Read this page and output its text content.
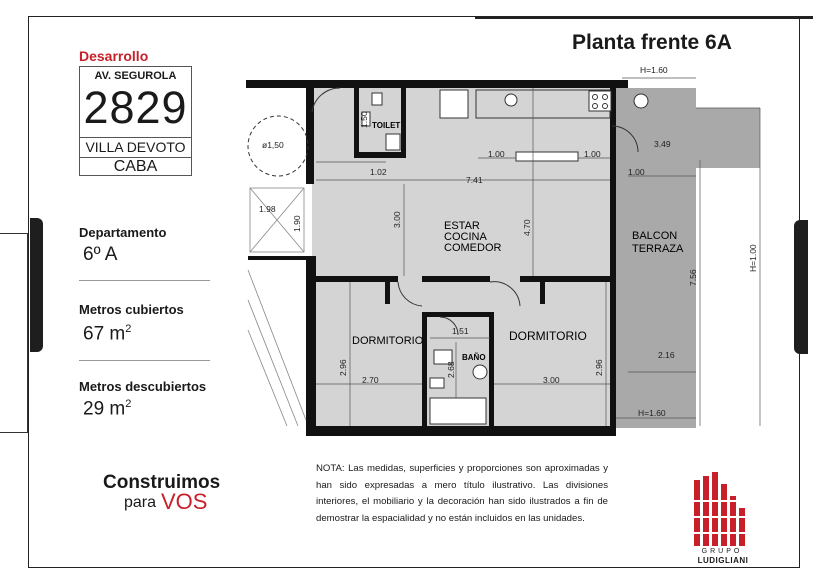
Desarrollo
AV. SEGUROLA
2829
VILLA DEVOTO
CABA
Departamento
6º A
Metros cubiertos
67 $m^2$
Metros descubiertos
29 $m^2$
Construimos
para VOS
Planta frente 6A
TOILET
ESTAR
COCINA
COMEDOR
BALCON
TERRAZA
DORMITORIO	DORMITORIO
BAÑO
ø1,50
H=1.60
H=1.60
3.49
1.00	1.00
1.00
1.02
7.41
1.98
2.16
2.70	3.00
1.51
3.00	4.70
7.56
1.90
2.96	2.96
2.68
H=1.00
1.50
NOTA: Las medidas, superficies y proporciones son aproximadas y han sido expresadas a mero título ilustrativo. Las divisiones interiores, el mobiliario y la decoración han sido ilustrados a fin de demostrar la espacialidad y no están incluidos en las unidades.
GRUPO
LUDIGLIANI
